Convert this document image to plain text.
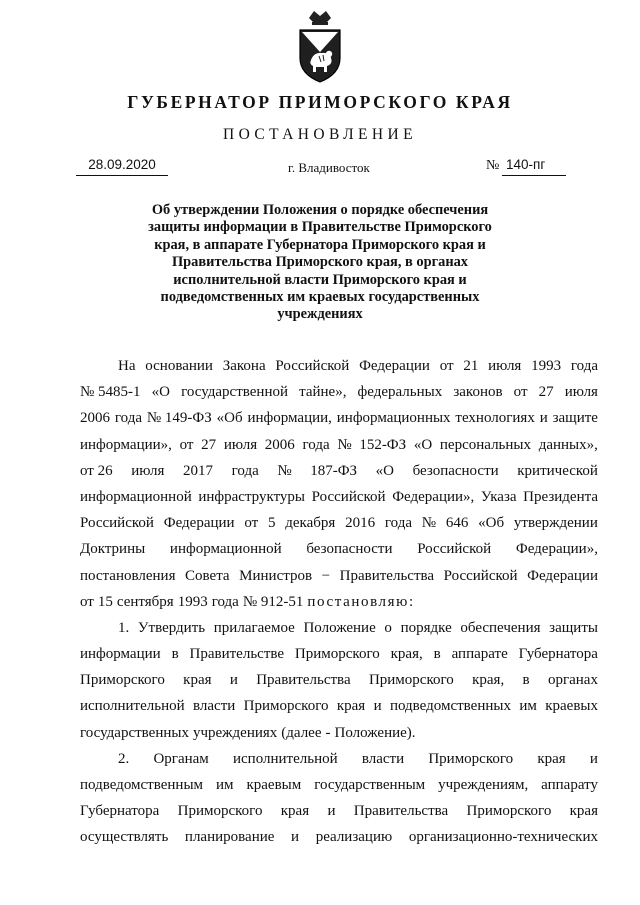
ГУБЕРНАТОР ПРИМОРСКОГО КРАЯ
ПОСТАНОВЛЕНИЕ
28.09.2020	г. Владивосток	№ 140-пг
Об утверждении Положения о порядке обеспечения
защиты информации в Правительстве Приморского
края, в аппарате Губернатора Приморского края и
Правительства Приморского края, в органах
исполнительной власти Приморского края и
подведомственных им краевых государственных
учреждениях
На основании Закона Российской Федерации от 21 июля 1993 года
№ 5485-1 «О государственной тайне», федеральных законов от 27 июля
2006 года № 149-ФЗ «Об информации, информационных технологиях и защите
информации», от 27 июля 2006 года № 152-ФЗ «О персональных данных»,
от 26 июля 2017 года № 187-ФЗ «О безопасности критической
информационной инфраструктуры Российской Федерации», Указа Президента
Российской Федерации от 5 декабря 2016 года № 646 «Об утверждении
Доктрины информационной безопасности Российской Федерации»,
постановления Совета Министров − Правительства Российской Федерации
от 15 сентября 1993 года № 912-51 постановляю:
1. Утвердить прилагаемое Положение о порядке обеспечения защиты
информации в Правительстве Приморского края, в аппарате Губернатора
Приморского края и Правительства Приморского края, в органах
исполнительной власти Приморского края и подведомственных им краевых
государственных учреждениях (далее - Положение).
2. Органам исполнительной власти Приморского края и
подведомственным им краевым государственным учреждениям, аппарату
Губернатора Приморского края и Правительства Приморского края
осуществлять планирование и реализацию организационно-технических
